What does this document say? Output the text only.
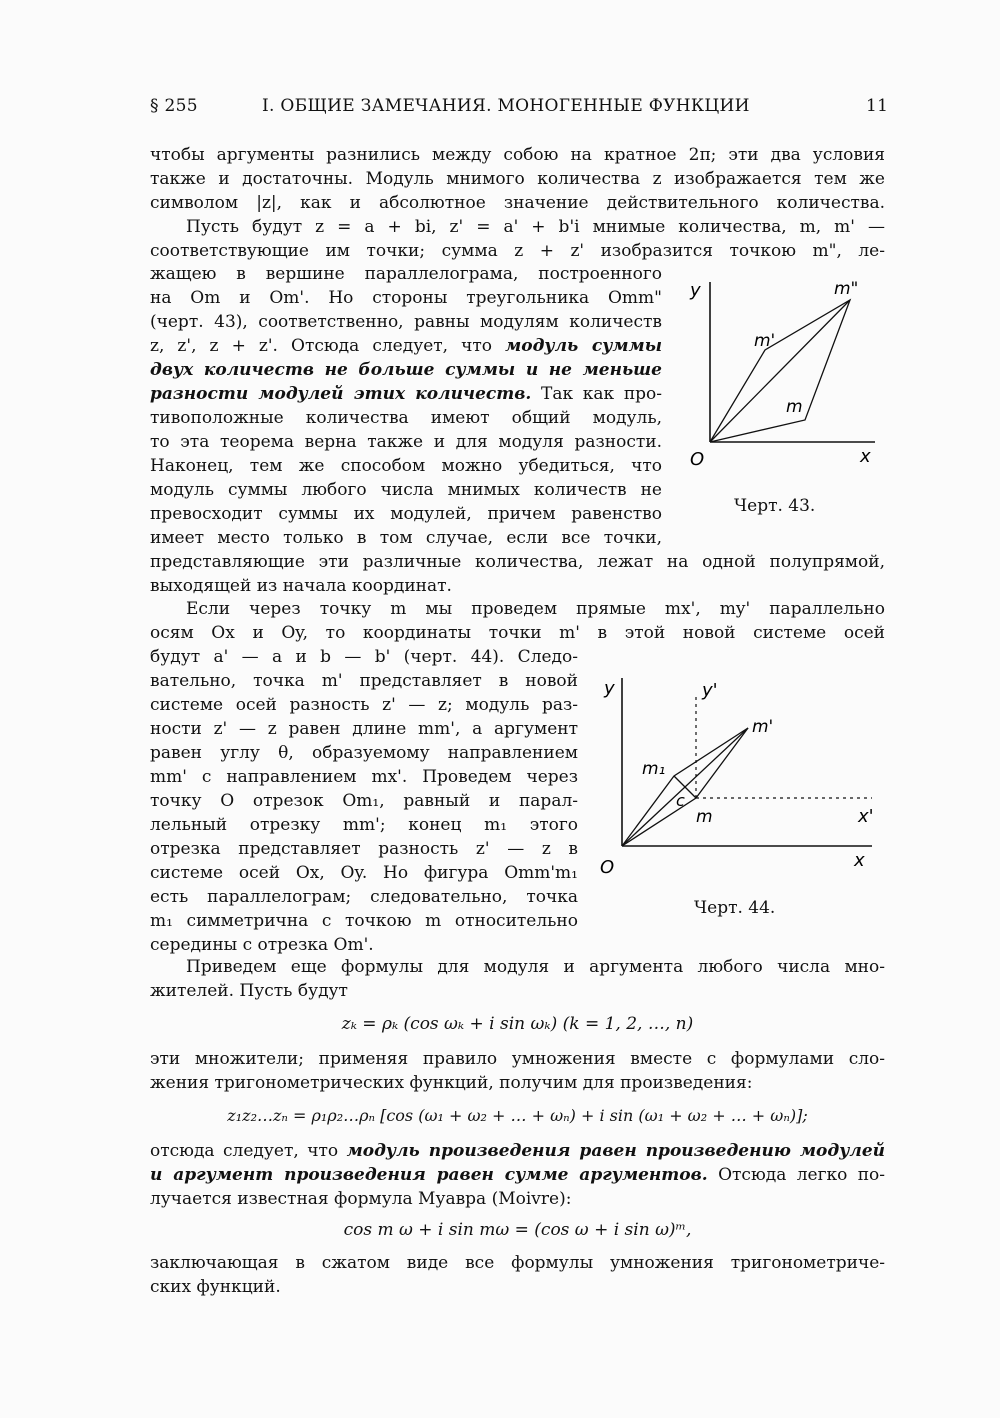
§ 255	I. ОБЩИЕ ЗАМЕЧАНИЯ. МОНОГЕННЫЕ ФУНКЦИИ	11
чтобы аргументы разнились между собою на кратное 2π; эти два условия
также и достаточны. Модуль мнимого количества z изображается тем же
символом |z|, как и абсолютное значение действительного количества.
Пусть будут z = a + bi, z' = a' + b'i мнимые количества, m, m' —
соответствующие им точки; сумма z + z' изобразится точкою m", ле-
жащею в вершине параллелограма, построенного
на Om и Om'. Но стороны треугольника Omm"
(черт. 43), соответственно, равны модулям количеств
z, z', z + z'. Отсюда следует, что модуль суммы
двух количеств не больше суммы и не меньше
разности модулей этих количеств. Так как про-
тивоположные количества имеют общий модуль,
то эта теорема верна также и для модуля разности.
Наконец, тем же способом можно убедиться, что
модуль суммы любого числа мнимых количеств не
превосходит суммы их модулей, причем равенство
имеет место только в том случае, если все точки,
представляющие эти различные количества, лежат на одной полупрямой,
выходящей из начала координат.
y
x
O
m'
m"
m
Черт. 43.
Если через точку m мы проведем прямые mx', my' параллельно
осям Ox и Oy, то координаты точки m' в этой новой системе осей
будут a' — a и b — b' (черт. 44). Следо-
вательно, точка m' представляет в новой
системе осей разность z' — z; модуль раз-
ности z' — z равен длине mm', а аргумент
равен углу θ, образуемому направлением
mm' с направлением mx'. Проведем через
точку O отрезок Om₁, равный и парал-
лельный отрезку mm'; конец m₁ этого
отрезка представляет разность z' — z в
системе осей Ox, Oy. Но фигура Omm'm₁
есть параллелограм; следовательно, точка
m₁ симметрична с точкою m относительно
середины c отрезка Om'.
y	y'
x
x'
O
m'
m₁
c
m
Черт. 44.
Приведем еще формулы для модуля и аргумента любого числа мно-
жителей. Пусть будут
zₖ = ρₖ (cos ωₖ + i sin ωₖ) (k = 1, 2, …, n)
эти множители; применяя правило умножения вместе с формулами сло-
жения тригонометрических функций, получим для произведения:
z₁z₂…zₙ = ρ₁ρ₂…ρₙ [cos (ω₁ + ω₂ + … + ωₙ) + i sin (ω₁ + ω₂ + … + ωₙ)];
отсюда следует, что модуль произведения равен произведению модулей
и аргумент произведения равен сумме аргументов. Отсюда легко по-
лучается известная формула Муавра (Moivre):
cos m ω + i sin mω = (cos ω + i sin ω)ᵐ,
заключающая в сжатом виде все формулы умножения тригонометриче-
ских функций.
